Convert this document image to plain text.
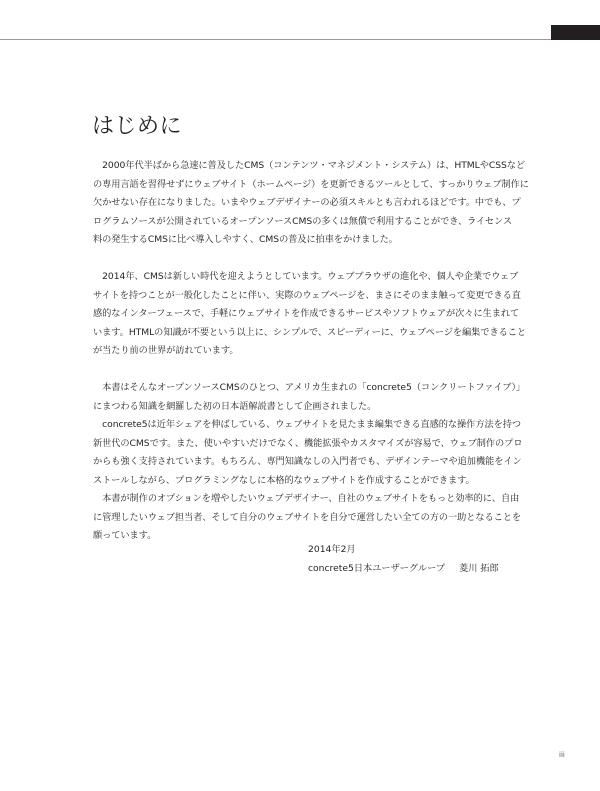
はじめに

　2000年代半ばから急速に普及したCMS（コンテンツ・マネジメント・システム）は、HTMLやCSSなど
の専用言語を習得せずにウェブサイト（ホームページ）を更新できるツールとして、すっかりウェブ制作に
欠かせない存在になりました。いまやウェブデザイナーの必須スキルとも言われるほどです。中でも、プ
ログラムソースが公開されているオープンソースCMSの多くは無償で利用することができ、ライセンス
料の発生するCMSに比べ導入しやすく、CMSの普及に拍車をかけました。

　2014年、CMSは新しい時代を迎えようとしています。ウェブブラウザの進化や、個人や企業でウェブ
サイトを持つことが一般化したことに伴い、実際のウェブページを、まさにそのまま触って変更できる直
感的なインターフェースで、手軽にウェブサイトを作成できるサービスやソフトウェアが次々に生まれて
います。HTMLの知識が不要という以上に、シンプルで、スピーディーに、ウェブページを編集できること
が当たり前の世界が訪れています。

　本書はそんなオープンソースCMSのひとつ、アメリカ生まれの「concrete5（コンクリートファイブ）」
にまつわる知識を網羅した初の日本語解説書として企画されました。
　concrete5は近年シェアを伸ばしている、ウェブサイトを見たまま編集できる直感的な操作方法を持つ
新世代のCMSです。また、使いやすいだけでなく、機能拡張やカスタマイズが容易で、ウェブ制作のプロ
からも強く支持されています。もちろん、専門知識なしの入門者でも、デザインテーマや追加機能をイン
ストールしながら、プログラミングなしに本格的なウェブサイトを作成することができます。
　本書が制作のオプションを増やしたいウェブデザイナー、自社のウェブサイトをもっと効率的に、自由
に管理したいウェブ担当者、そして自分のウェブサイトを自分で運営したい全ての方の一助となることを
願っています。

2014年2月
concrete5日本ユーザーグループ 菱川 拓郎
iii
